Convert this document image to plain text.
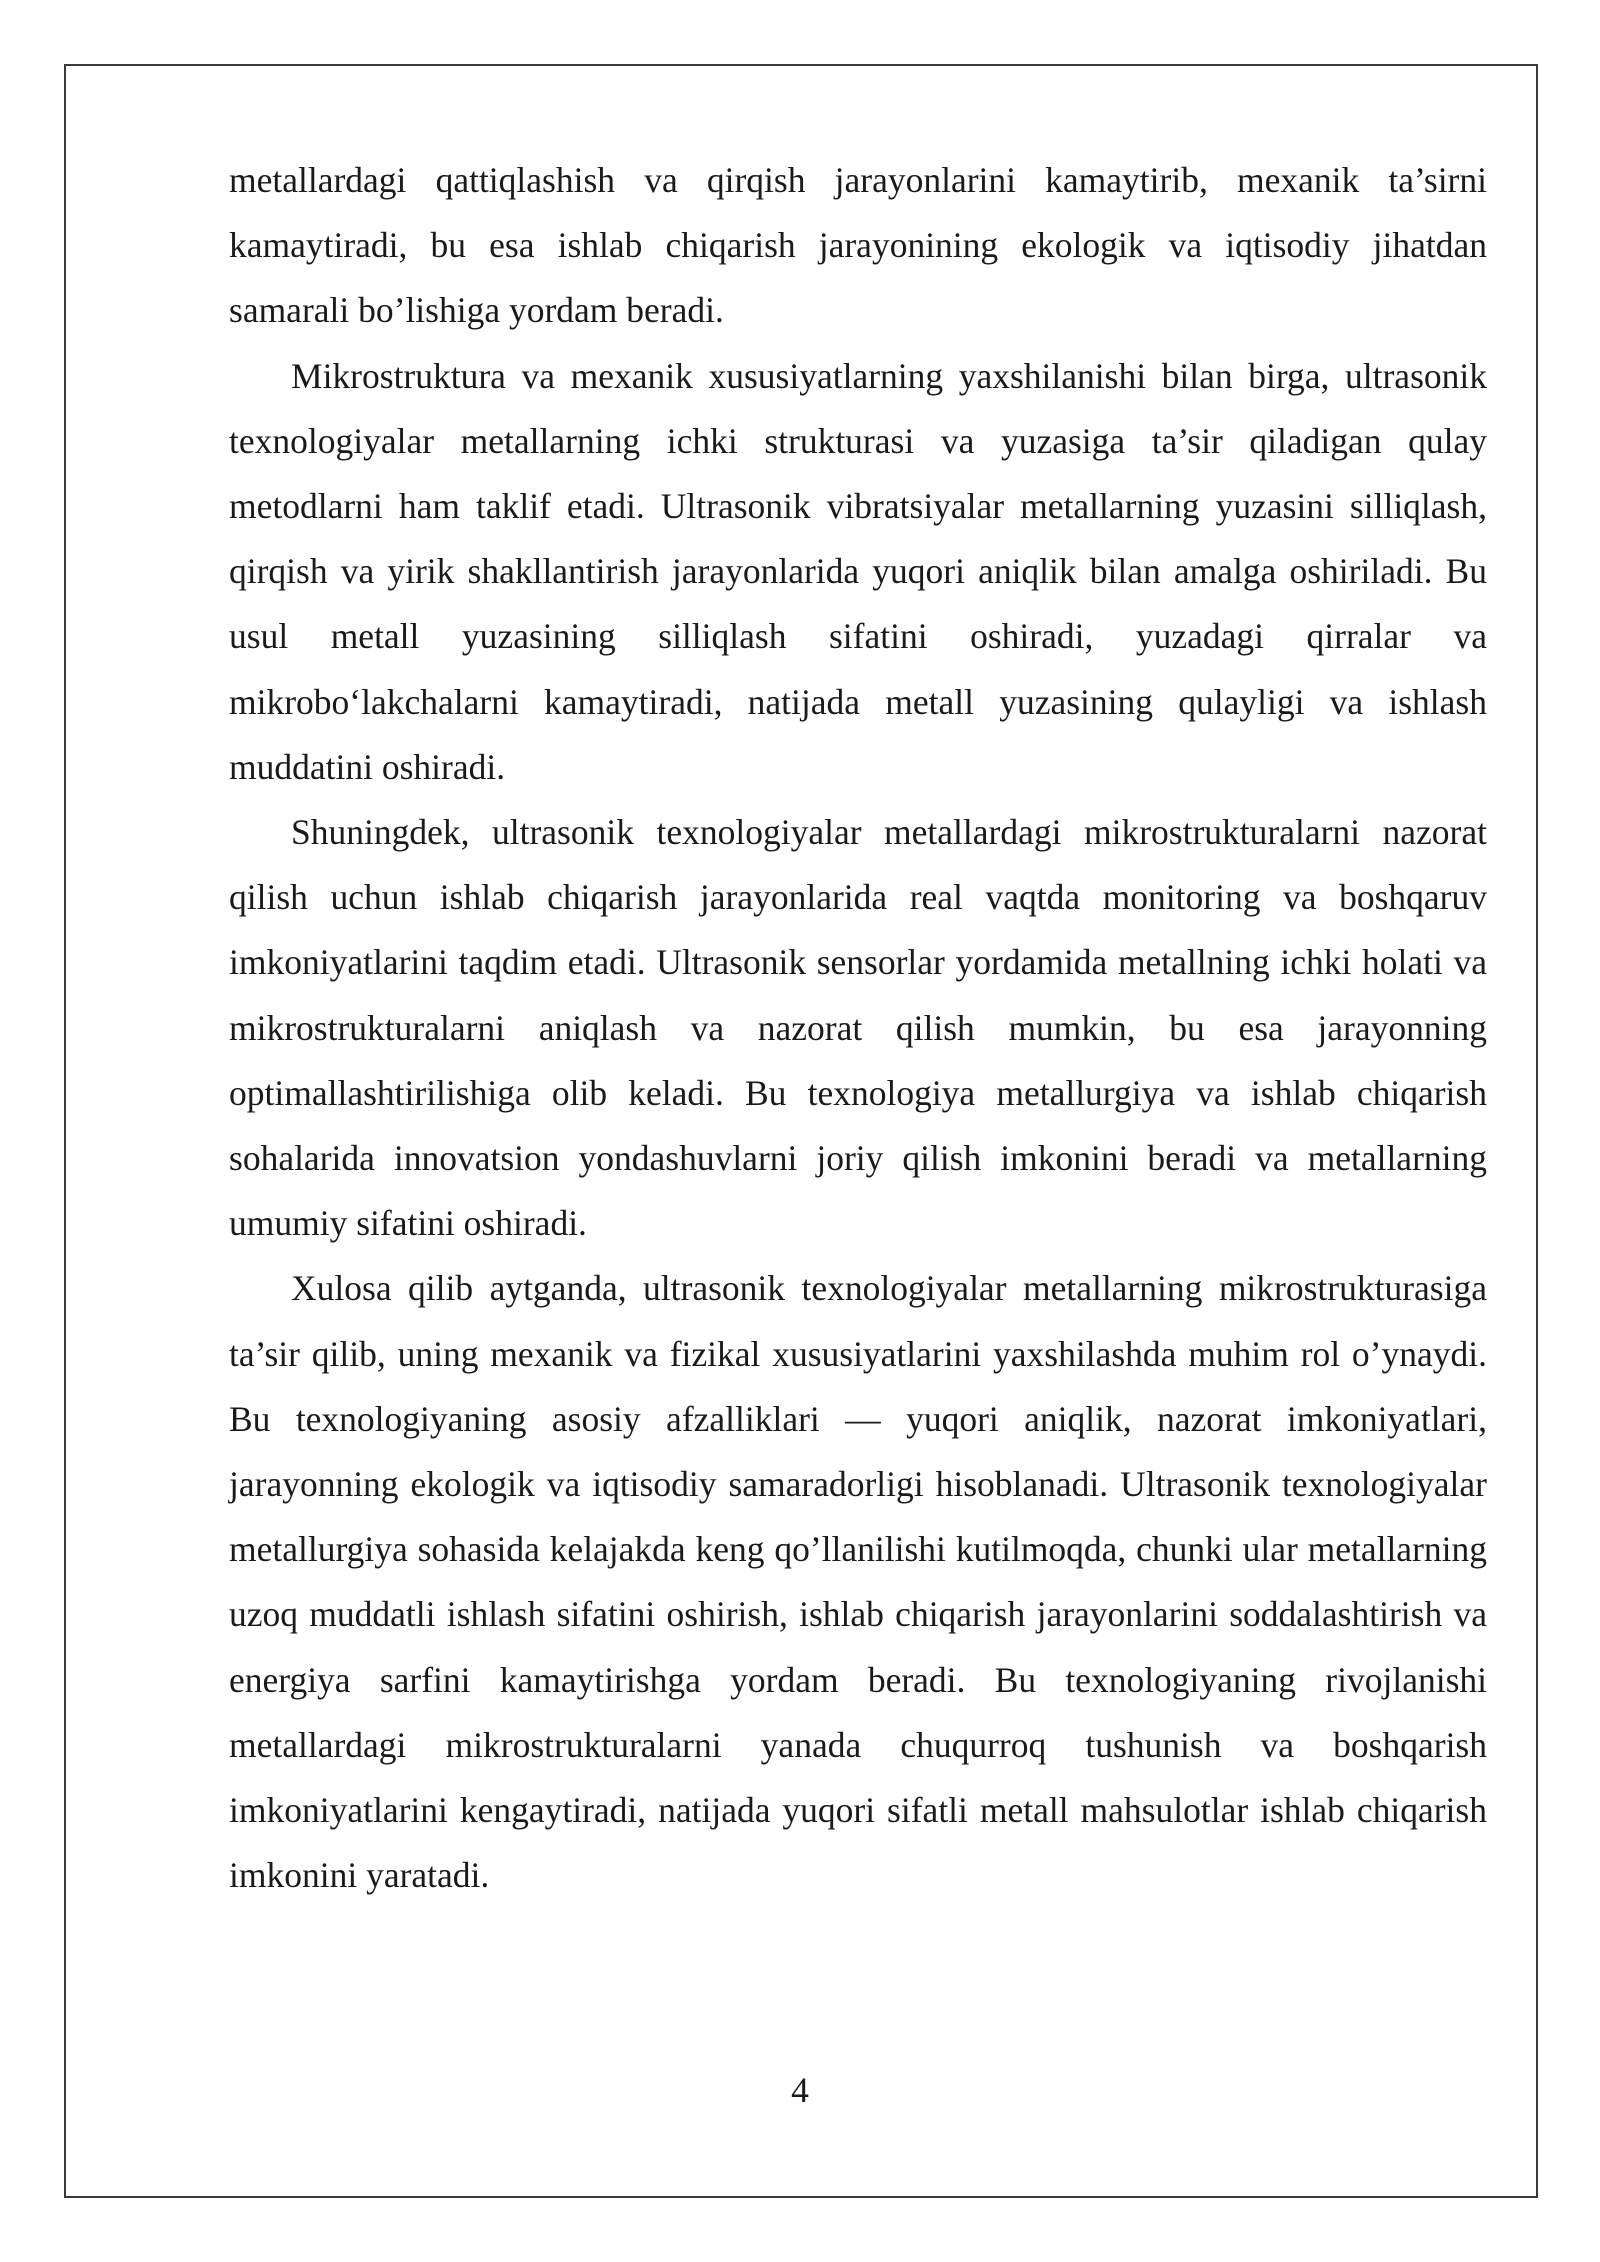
metallardagi qattiqlashish va qirqish jarayonlarini kamaytirib, mexanik ta’sirni kamaytiradi, bu esa ishlab chiqarish jarayonining ekologik va iqtisodiy jihatdan samarali bo’lishiga yordam beradi.

Mikrostruktura va mexanik xususiyatlarning yaxshilanishi bilan birga, ultrasonik texnologiyalar metallarning ichki strukturasi va yuzasiga ta’sir qiladigan qulay metodlarni ham taklif etadi. Ultrasonik vibratsiyalar metallarning yuzasini silliqlash, qirqish va yirik shakllantirish jarayonlarida yuqori aniqlik bilan amalga oshiriladi. Bu usul metall yuzasining silliqlash sifatini oshiradi, yuzadagi qirralar va mikrobo‘lakchalarni kamaytiradi, natijada metall yuzasining qulayligi va ishlash muddatini oshiradi.

Shuningdek, ultrasonik texnologiyalar metallardagi mikrostrukturalarni nazorat qilish uchun ishlab chiqarish jarayonlarida real vaqtda monitoring va boshqaruv imkoniyatlarini taqdim etadi. Ultrasonik sensorlar yordamida metallning ichki holati va mikrostrukturalarni aniqlash va nazorat qilish mumkin, bu esa jarayonning optimallashtirilishiga olib keladi. Bu texnologiya metallurgiya va ishlab chiqarish sohalarida innovatsion yondashuvlarni joriy qilish imkonini beradi va metallarning umumiy sifatini oshiradi.

Xulosa qilib aytganda, ultrasonik texnologiyalar metallarning mikrostrukturasiga ta’sir qilib, uning mexanik va fizikal xususiyatlarini yaxshilashda muhim rol o’ynaydi. Bu texnologiyaning asosiy afzalliklari — yuqori aniqlik, nazorat imkoniyatlari, jarayonning ekologik va iqtisodiy samaradorligi hisoblanadi. Ultrasonik texnologiyalar metallurgiya sohasida kelajakda keng qo’llanilishi kutilmoqda, chunki ular metallarning uzoq muddatli ishlash sifatini oshirish, ishlab chiqarish jarayonlarini soddalashtirish va energiya sarfini kamaytirishga yordam beradi. Bu texnologiyaning rivojlanishi metallardagi mikrostrukturalarni yanada chuqurroq tushunish va boshqarish imkoniyatlarini kengaytiradi, natijada yuqori sifatli metall mahsulotlar ishlab chiqarish imkonini yaratadi.

4
